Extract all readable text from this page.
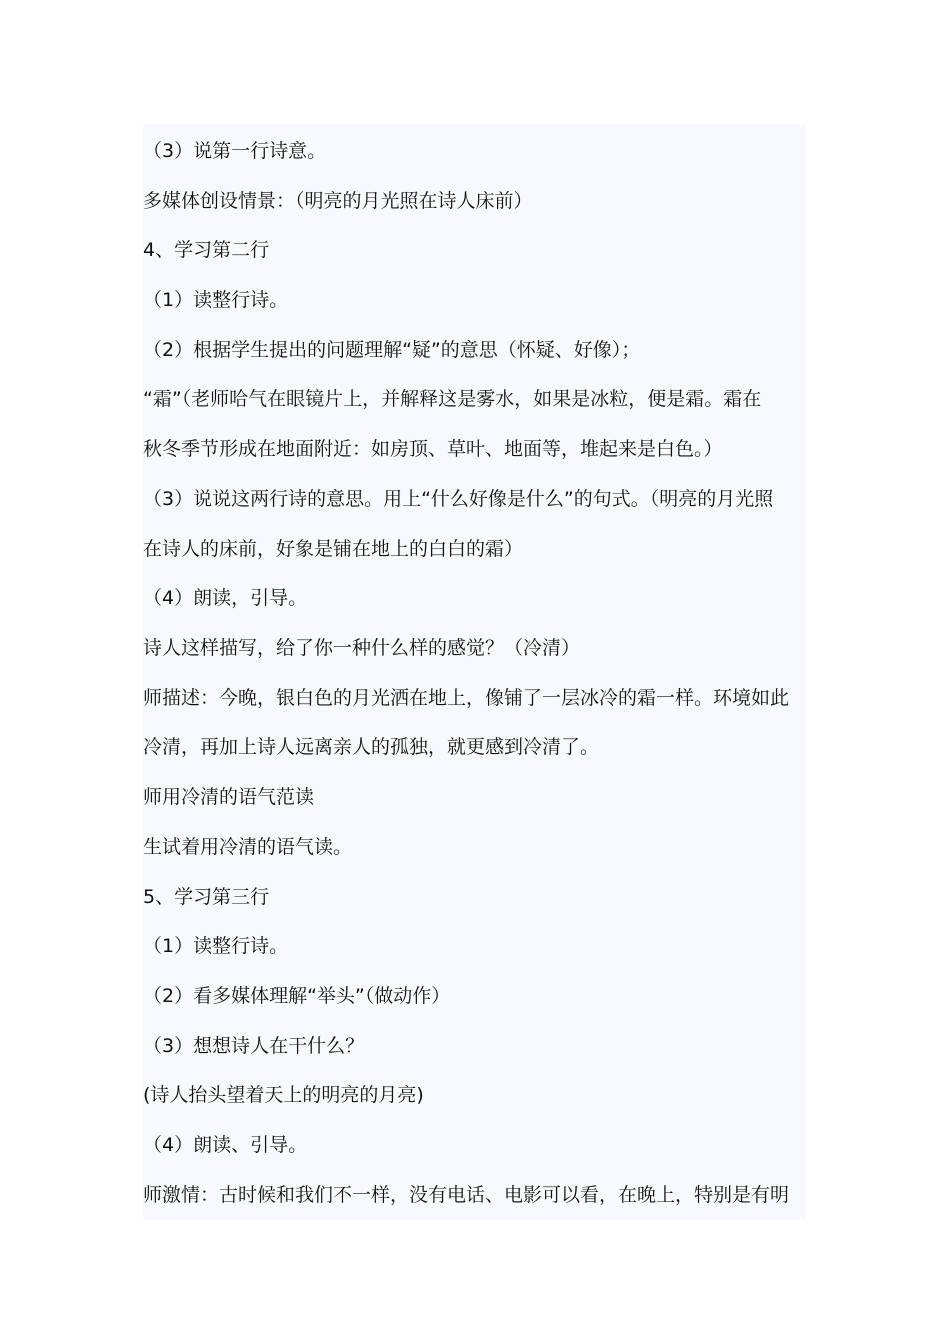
（3）说第一行诗意。
多媒体创设情景：（明亮的月光照在诗人床前）
4、学习第二行
（1）读整行诗。
（2）根据学生提出的问题理解“疑”的意思（怀疑、好像）；
“霜”（老师哈气在眼镜片上，并解释这是雾水，如果是冰粒，便是霜。霜在
秋冬季节形成在地面附近：如房顶、草叶、地面等，堆起来是白色。）
（3）说说这两行诗的意思。用上“什么好像是什么”的句式。（明亮的月光照
在诗人的床前，好象是铺在地上的白白的霜）
（4）朗读，引导。
诗人这样描写，给了你一种什么样的感觉？（冷清）
师描述：今晚，银白色的月光洒在地上，像铺了一层冰冷的霜一样。环境如此
冷清，再加上诗人远离亲人的孤独，就更感到冷清了。
师用冷清的语气范读
生试着用冷清的语气读。
5、学习第三行
（1）读整行诗。
（2）看多媒体理解“举头”（做动作）
（3）想想诗人在干什么？
(诗人抬头望着天上的明亮的月亮)
（4）朗读、引导。
师激情：古时候和我们不一样，没有电话、电影可以看，在晚上，特别是有明
